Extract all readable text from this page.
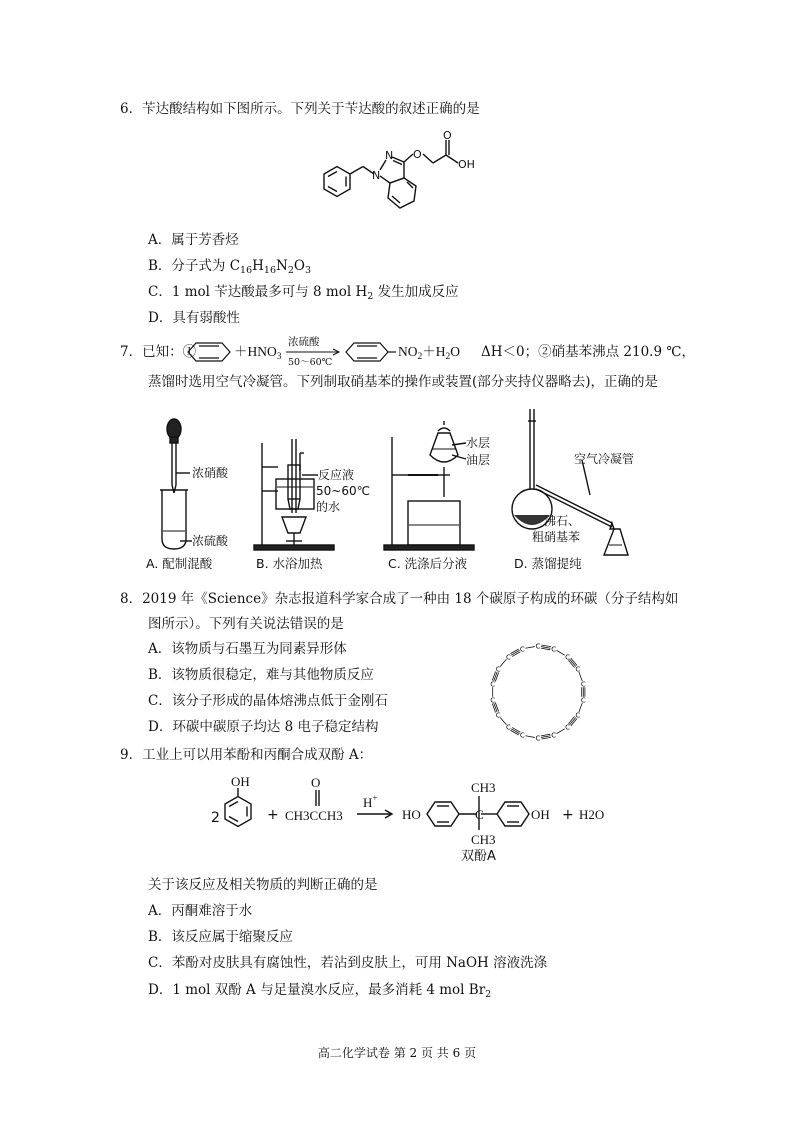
6．苄达酸结构如下图所示。下列关于苄达酸的叙述正确的是
N
N O
O
OH
A．属于芳香烃
B．分子式为 $C_{16}H_{16}N_2O_3$
C．1 mol 苄达酸最多可与 8 mol $H_2$ 发生加成反应
D．具有弱酸性
7．已知：①	$+HNO_3$
浓硫酸
50～60℃
$NO_2+H_2O$ ΔH＜0；②硝基苯沸点 210.9 ℃，
蒸馏时选用空气冷凝管。下列制取硝基苯的操作或装置(部分夹持仪器略去)，正确的是
浓硝酸
浓硫酸
A. 配制混酸
反应液
50~60℃
的水
B. 水浴加热
水层
油层
C. 洗涤后分液
空气冷凝管
沸石、
粗硝基苯
D. 蒸馏提纯
8．2019 年《Science》杂志报道科学家合成了一种由 18 个碳原子构成的环碳（分子结构如
图所示）。下列有关说法错误的是
A．该物质与石墨互为同素异形体
B．该物质很稳定，难与其他物质反应
C．该分子形成的晶体熔沸点低于金刚石
D．环碳中碳原子均达 8 电子稳定结构
C C
C
C
C
C
C
C
C
C
C
C
C
C
C
C
C
C
9．工业上可以用苯酚和丙酮合成双酚 A：
2
OH
+
O
CH3CCH3
H+
HO
CH3
C
CH3
OH + H2O
双酚A
关于该反应及相关物质的判断正确的是
A．丙酮难溶于水
B．该反应属于缩聚反应
C．苯酚对皮肤具有腐蚀性，若沾到皮肤上，可用 NaOH 溶液洗涤
D．1 mol 双酚 A 与足量溴水反应，最多消耗 4 mol $Br_2$
高二化学试卷 第 2 页 共 6 页
